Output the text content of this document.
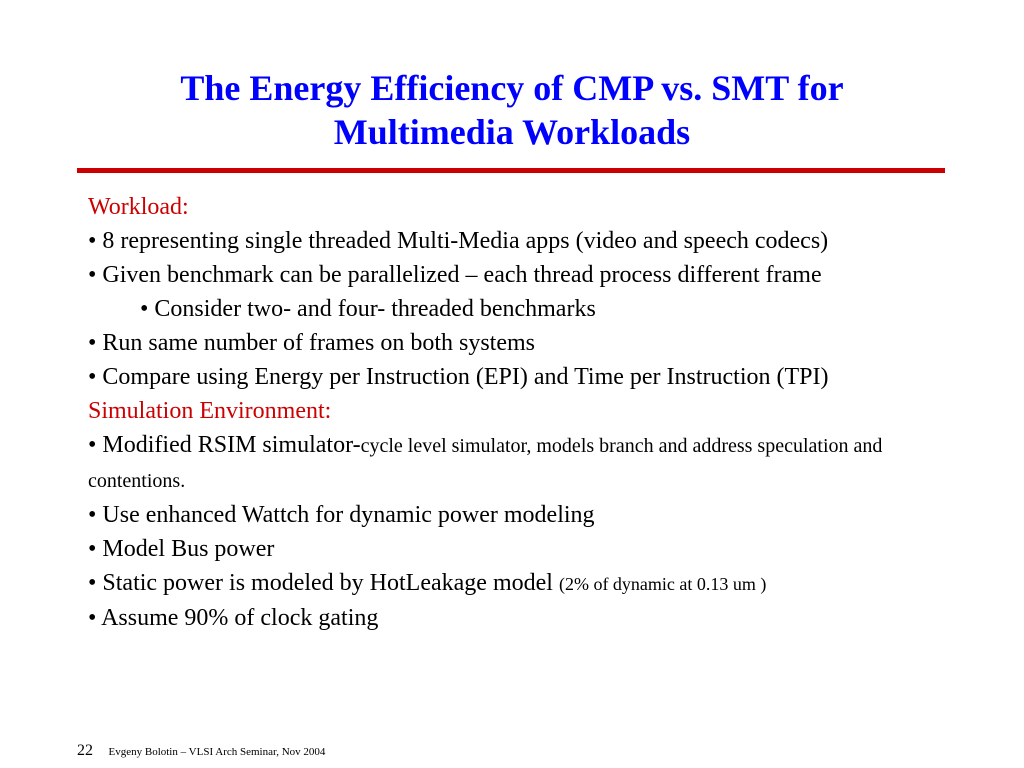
The Energy Efficiency of CMP vs. SMT for
Multimedia Workloads
Workload:
• 8 representing single threaded Multi-Media apps (video and speech codecs)
• Given benchmark can be parallelized – each thread process different frame
• Consider two- and four- threaded benchmarks
• Run same number of frames on both systems
• Compare using Energy per Instruction (EPI) and Time per Instruction (TPI)
Simulation Environment:
• Modified RSIM simulator-cycle level simulator, models branch and address speculation and contentions.
• Use enhanced Wattch for dynamic power modeling
• Model Bus power
• Static power is modeled by HotLeakage model (2% of dynamic at 0.13 um )
• Assume 90% of clock gating
22 Evgeny Bolotin – VLSI Arch Seminar, Nov 2004
